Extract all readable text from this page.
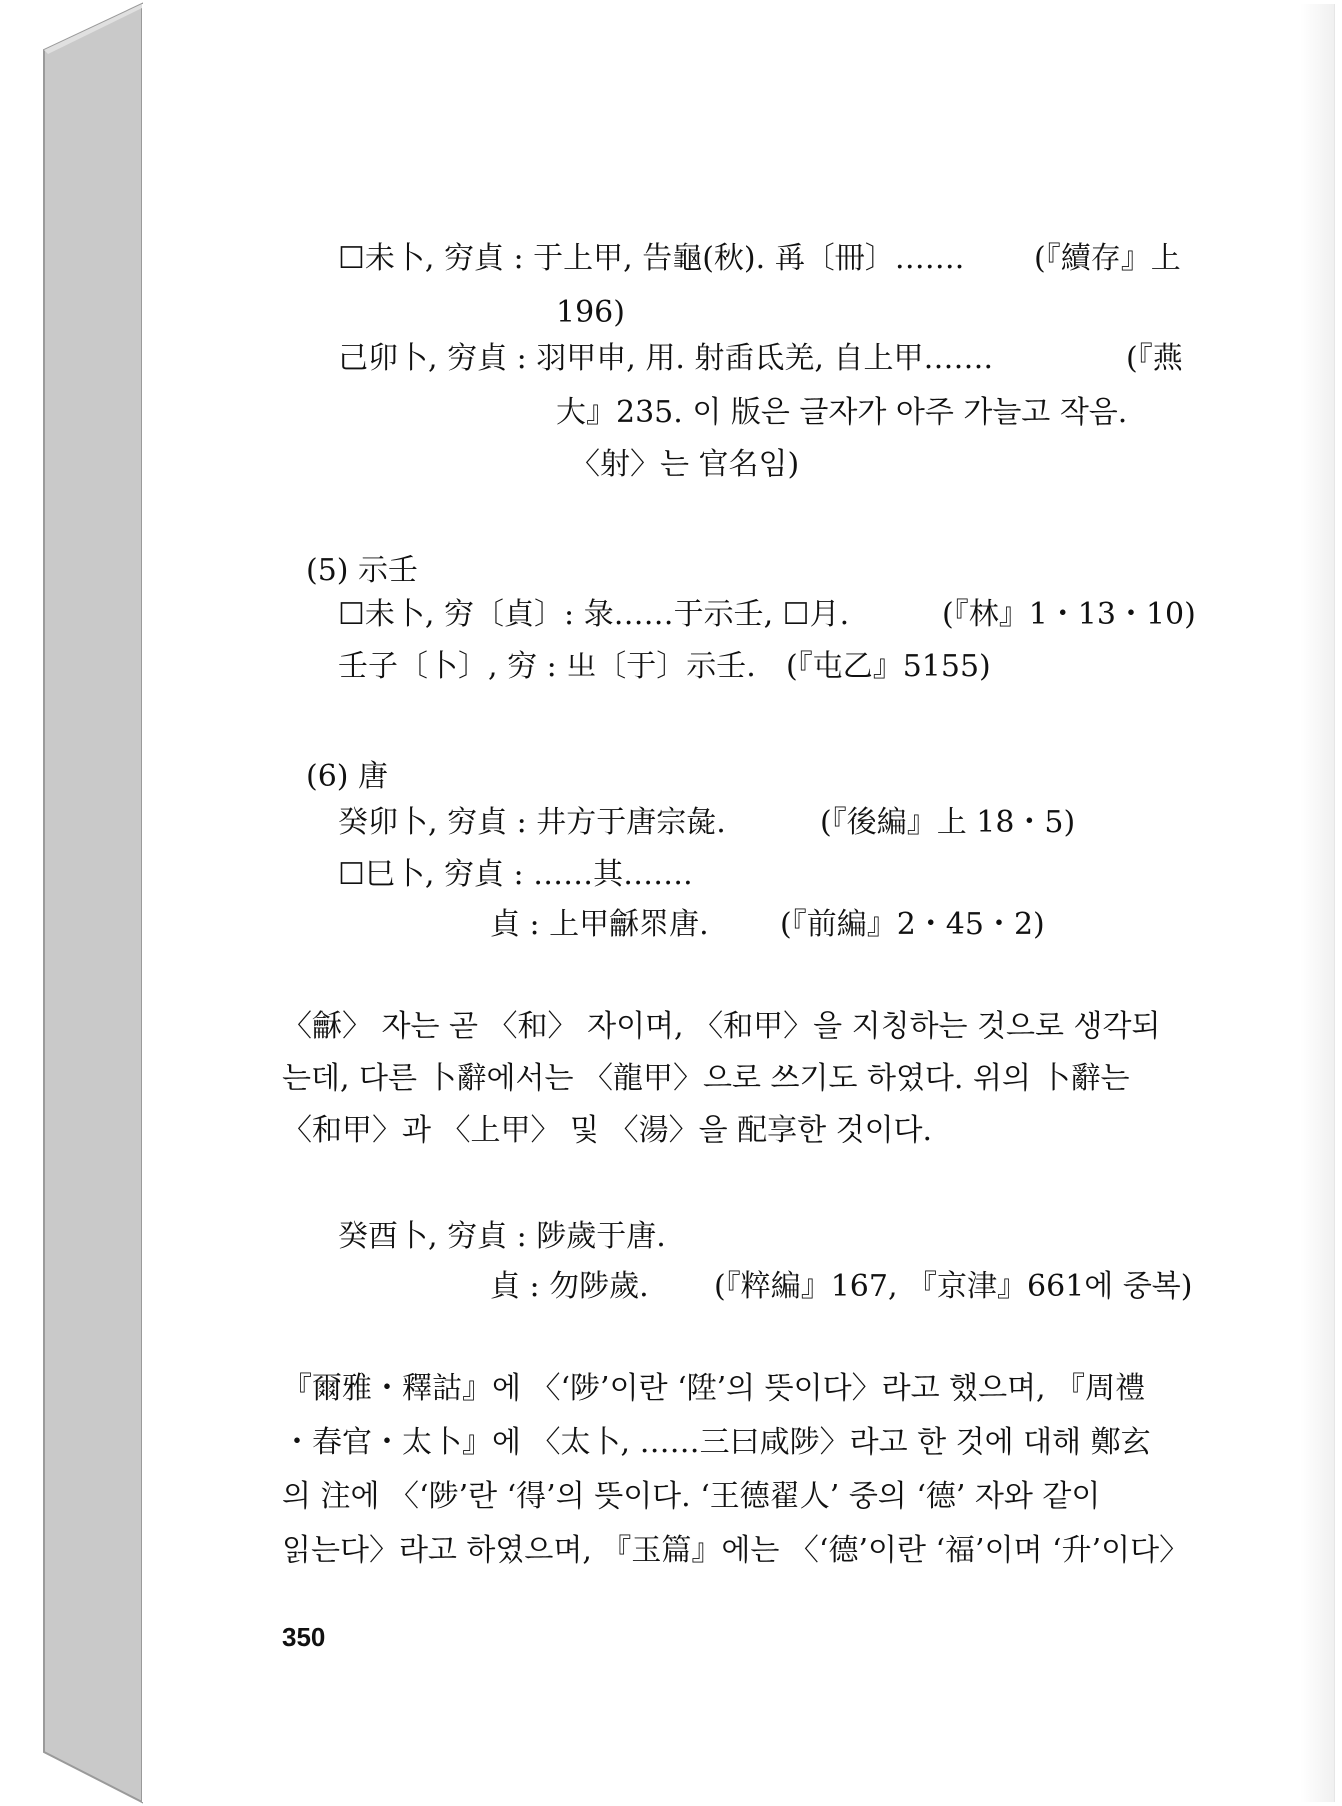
☐未卜, 穷貞 : 于上甲, 告龜(秋). 爯〔冊〕……. (『續存』上
196)
己卯卜, 穷貞 : 羽甲申, 用. 射臿氐羌, 自上甲…….	(『燕
大』235. 이 版은 글자가 아주 가늘고 작음.
〈射〉는 官名임)
(5) 示壬
☐未卜, 穷〔貞〕: 彔……于示壬, ☐月.	(『林』1・13・10)
壬子〔卜〕, 穷 : 㞢〔于〕示壬. (『屯乙』5155)
(6) 唐
癸卯卜, 穷貞 : 井方于唐宗彘.	(『後編』上 18・5)
☐巳卜, 穷貞 : ……其…….
貞 : 上甲龢眔唐. (『前編』2・45・2)
〈龢〉 자는 곧 〈和〉 자이며, 〈和甲〉을 지칭하는 것으로 생각되
는데, 다른 卜辭에서는 〈龍甲〉으로 쓰기도 하였다. 위의 卜辭는
〈和甲〉과 〈上甲〉 및 〈湯〉을 配享한 것이다.
癸酉卜, 穷貞 : 陟歲于唐.
貞 : 勿陟歲. (『粹編』167, 『京津』661에 중복)
『爾雅・釋詁』에 〈‘陟’이란 ‘陞’의 뜻이다〉라고 했으며, 『周禮
・春官・太卜』에 〈太卜, ……三曰咸陟〉라고 한 것에 대해 鄭玄
의 注에 〈‘陟’란 ‘得’의 뜻이다. ‘王德翟人’ 중의 ‘德’ 자와 같이
읽는다〉라고 하였으며, 『玉篇』에는 〈‘德’이란 ‘福’이며 ‘升’이다〉
350
